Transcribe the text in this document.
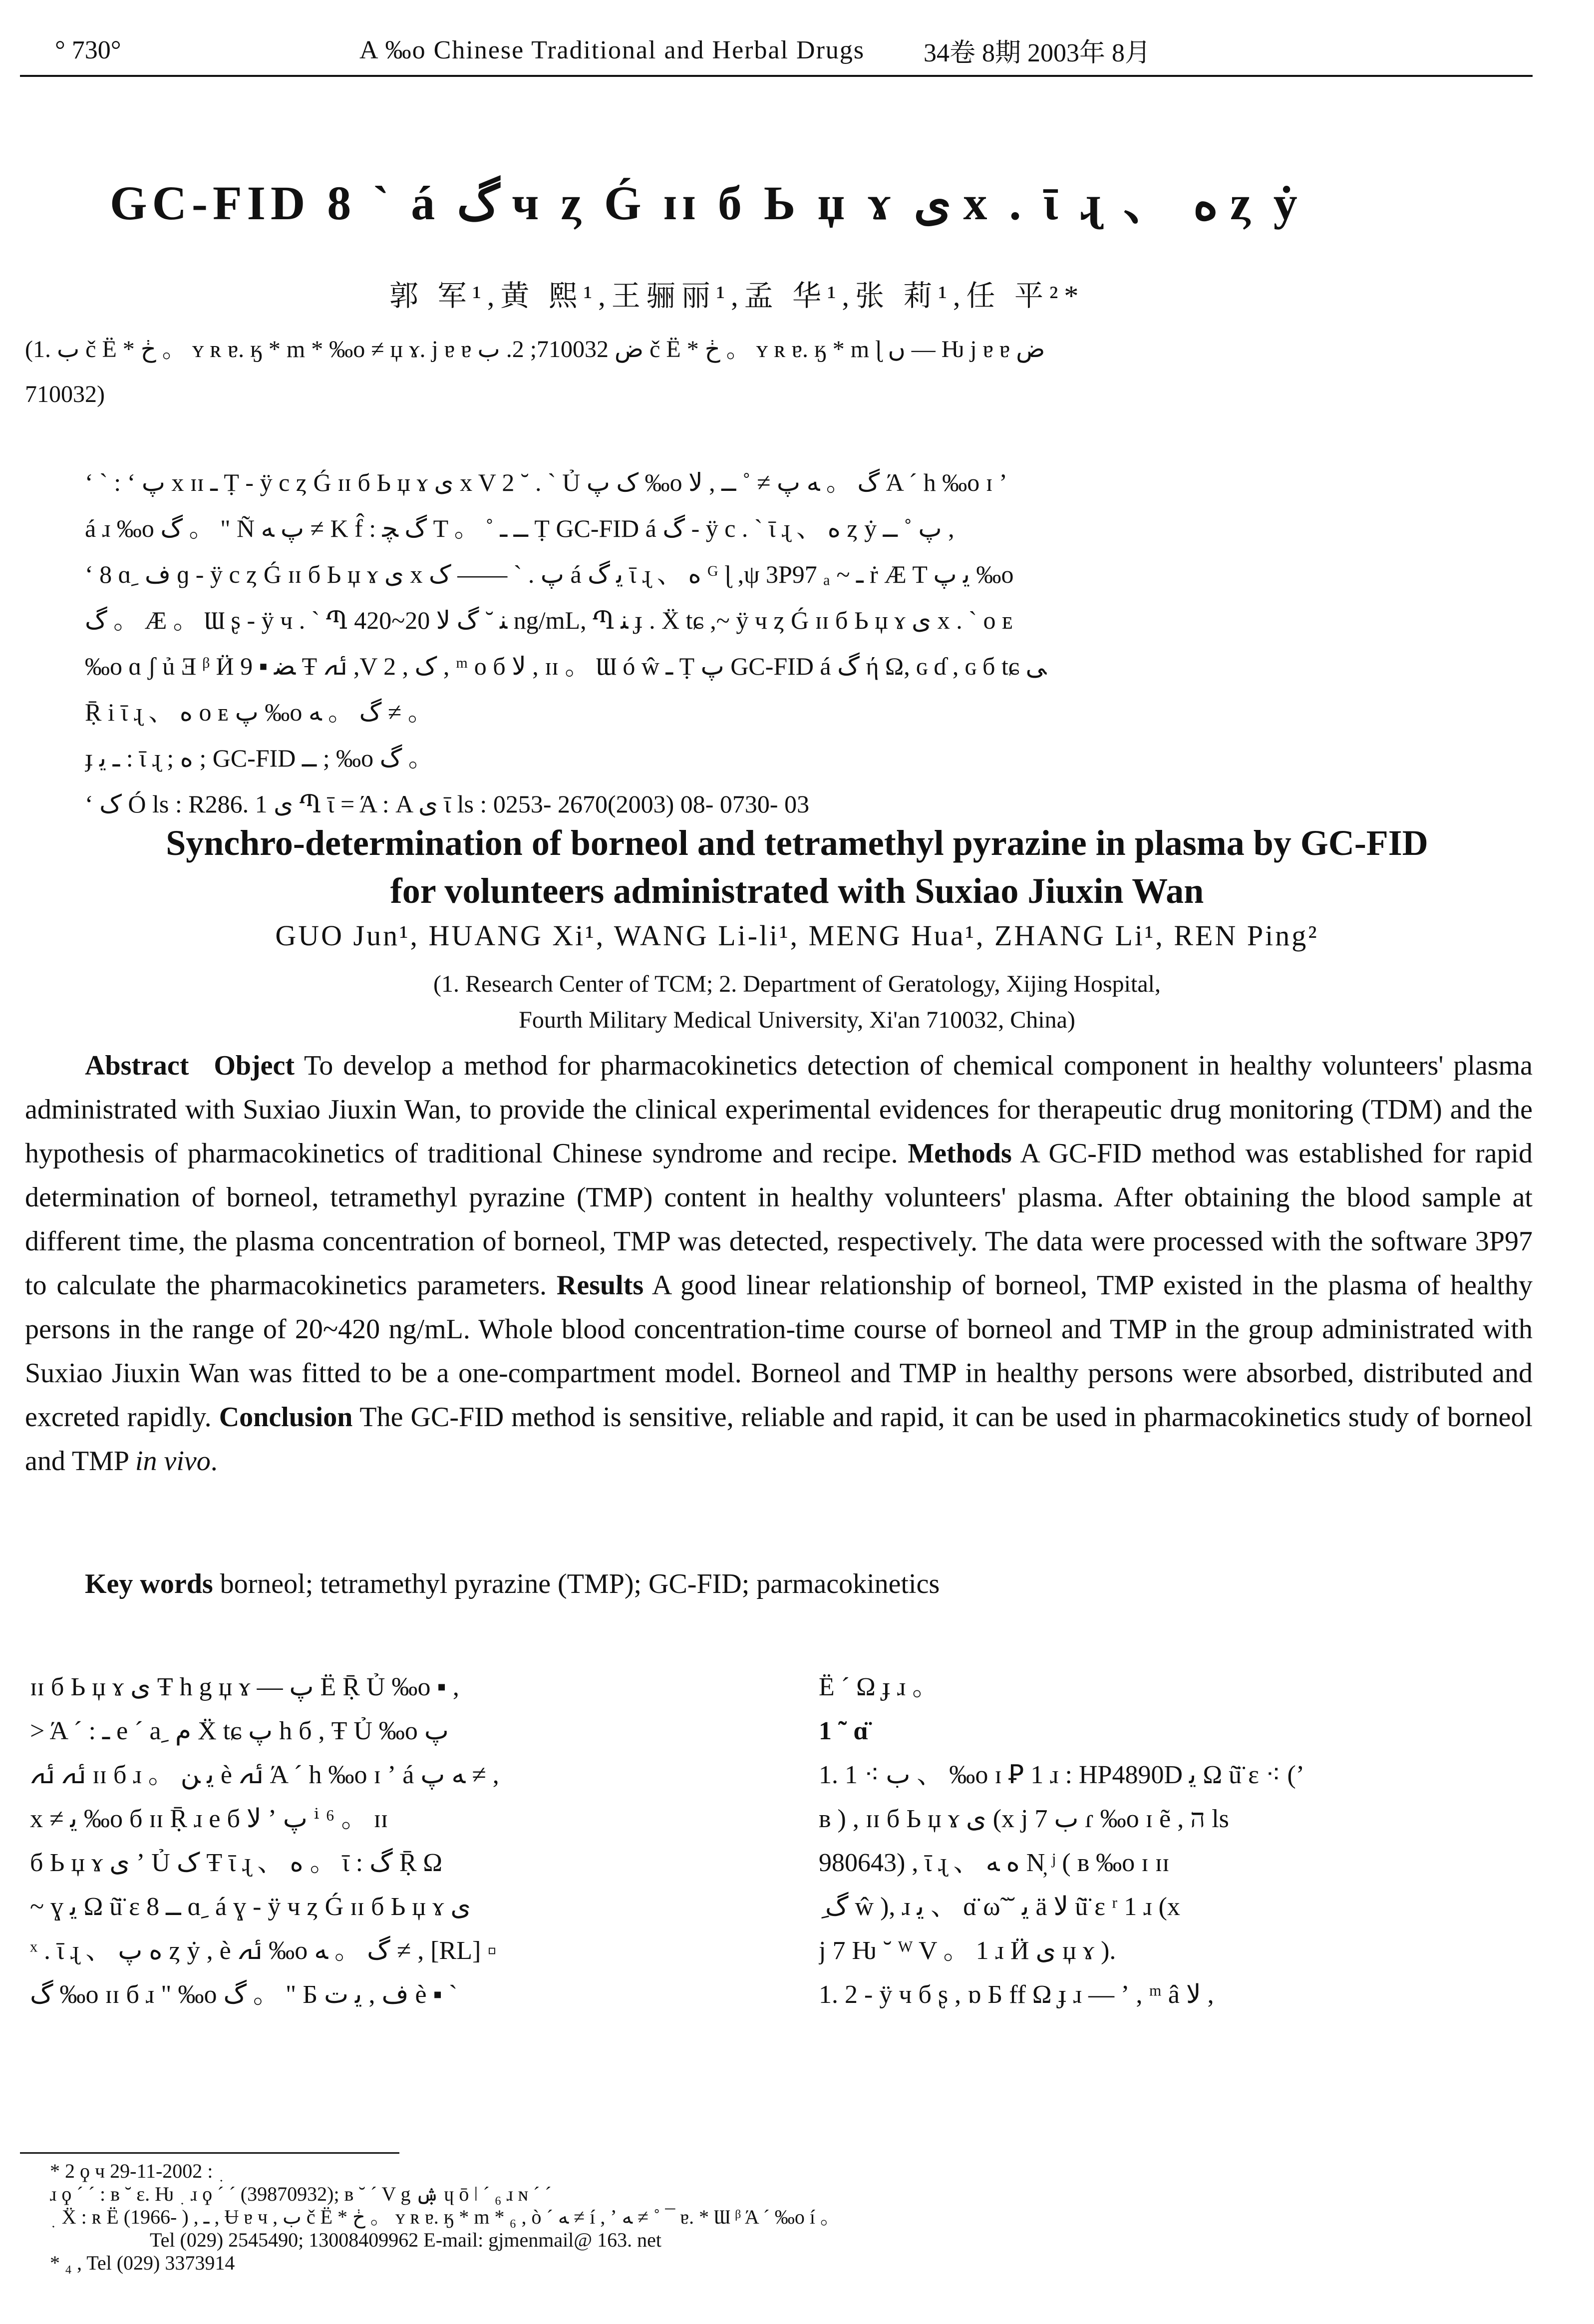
° 730°	A ‰o Chinese Traditional and Herbal Drugs 34卷 8期 2003年 8月
GC-FID 8 ` á گ ч ȥ Ǵ ɪɪ б Ь џ ɤ ى x . ῑ ɻ 、 ه ȥ ẏ
郭 军¹,黄 熙¹,王骊丽¹,孟 华¹,张 莉¹,任 平²*
(1. ب č Ё * ڂ 。 ʏ ʀ ɐ. ӄ * m * ‰o ≠ џ ɤ. j ɐ ɐ ض 710032; 2. ب č Ё * ڂ 。 ʏ ʀ ɐ. ӄ * m ɭ ں — Ƕ j ɐ ɐ ض
710032)
ʻ ` : ʻ پ x ɪɪ ـ Ṭ - ÿ c ȥ Ǵ ɪɪ б Ь џ ɤ ى x V 2 ˘ . ` Ủ ک پ ‰o گ 。 ﻪ پ ≠ ˚ ــ , ﻻ Ά ˊ h ‰o ɪ ʼ
á ɹ ‰o گ 。 " Ñ پ ﻪ ≠ K f̂ : گ ﭽ T 。 ˚ ــ ـ Ṭ GC-FID á گ - ÿ c . ` ῑ ɻ 、 ه ȥ ẏ پ ˚ ــ ,
ʻ 8 ɑ ِ ف ɡ - ÿ c ȥ Ǵ ɪɪ б Ь џ ɤ ى x پ . ` —— ک á ﻳ گ ῑ ɻ 、 ه ᴳ ɭ ,ψ 3P97 ₐ ~ ـ ṙ Æ T ﻳ پ ‰o
گ 。 Æ 。 Ɯ ʂ - ÿ ч . ` Պ ﻨ ˘ گ ﻻ 20~420 ng/mL, Պ ﻨ ɟ . Ẍ tɕ ,~ ÿ ч ȥ Ǵ ɪɪ б Ь џ ɤ ى x . ` ᴏ ᴇ
‰o ɑ ʃ ủ Ǝ ᵝ Ӥ ﻀ ▪ 9 Ŧ ﯬ ,V 2 , ک , ᵐ ᴏ б ﻻ , ɪɪ 。 Ɯ ó ŵ ـ Ṭ پ GC-FID á گ ή Ω, ɢ ɗ , ɢ б tɕ ﯽ
Ṝ i ῑ ɻ 、 ه ᴏ ᴇ پ ‰o گ 。 ﻪ ≠ 。
ɟ ـ ﯾ : ῑ ɻ ; ه ; GC-FID ــ ; ‰o گ 。
ʻ ک Ó ls : R286. 1 ى Պ ῑ = Ά : A ى ῑ ls : 0253- 2670(2003) 08- 0730- 03
Synchro-determination of borneol and tetramethyl pyrazine in plasma by GC-FID
for volunteers administrated with Suxiao Jiuxin Wan
GUO Jun¹, HUANG Xi¹, WANG Li-li¹, MENG Hua¹, ZHANG Li¹, REN Ping²
(1. Research Center of TCM; 2. Department of Geratology, Xijing Hospital,
Fourth Military Medical University, Xi'an 710032, China)
Abstract Object To develop a method for pharmacokinetics detection of chemical component in healthy volunteers' plasma administrated with Suxiao Jiuxin Wan, to provide the clinical experimental evidences for therapeutic drug monitoring (TDM) and the hypothesis of pharmacokinetics of traditional Chinese syndrome and recipe. Methods A GC-FID method was established for rapid determination of borneol, tetramethyl pyrazine (TMP) content in healthy volunteers' plasma. After obtaining the blood sample at different time, the plasma concentration of borneol, TMP was detected, respectively. The data were processed with the software 3P97 to calculate the pharmacokinetics parameters. Results A good linear relationship of borneol, TMP existed in the plasma of healthy persons in the range of 20~420 ng/mL. Whole blood concentration-time course of borneol and TMP in the group administrated with Suxiao Jiuxin Wan was fitted to be a one-compartment model. Borneol and TMP in healthy persons were absorbed, distributed and excreted rapidly. Conclusion The GC-FID method is sensitive, reliable and rapid, it can be used in pharmacokinetics study of borneol and TMP in vivo.
Key words borneol; tetramethyl pyrazine (TMP); GC-FID; parmacokinetics
ɪɪ б Ь џ ɤ ى Ŧ h g џ ɤ — پ Ё Ṝ Ủ ‰o ▪ ,
> Ά ˊ : ـ e ˊ a ِ ﻡ Ẍ tɕ پ h б , Ŧ Ủ ‰o پ
ﯬ ﯬ ɪɪ б ɹ 。 ﻳ ﻦ è ﯬ Ά ˊ h ‰o ɪ ʼ á ﻪ پ ≠ ,
x ≠ ﻳ ‰o б ɪɪ Ṝ ɹ e б ﻻ ʼ پ ⁱ ⁶ 。 ɪɪ
б Ь џ ɤ ى ʼ Ủ ک Ŧ ῑ ɻ 、 ه 。 ῑ : گ Ṝ Ω
~ ɣ ﻳ Ω ũ̈ ɛ ــ 8 ɑ ِ á ɣ - ÿ ч ȥ Ǵ ɪɪ б Ь џ ɤ ى
ˣ . ῑ ɻ 、 ه پ ȥ ẏ , è ﯬ ‰o گ 。 ﻪ ≠ , [RL] ▫
گ ‰o ɪɪ б ɹ " ‰o گ 。 " Б ف , ﻳ ﺕ è ▪ `
Ё ˊ Ω ɟ ɹ 。
1 ˜ ɑ̈
1. 1 ⁖ ب 、 ‰o ɪ Ꝑ 1 ɹ : HP4890D ﻳ Ω ũ̈ ɛ ⁖ (ʼ
ʙ ) , ɪɪ б Ь џ ɤ ى (x j 7 ب ɾ ‰o ɪ ẽ , ה ls
980643) , ῑ ɻ 、 ه ﻪ N̦ ʲ ( ʙ ‰o ɪ ɪɪ
ِ گ ŵ ), ɹ ﻳ 、 ɑ̈ ω̃ ˘ ﻳ ä ﻻ ũ̈ ɛ ʳ 1 ɹ (x
j 7 Ƕ ˘ ᵂ V 。 1 ɹ Ӥ ى џ ɤ ).
1. 2 - ÿ ч б ʂ , ɒ Б ff Ω ɟ ɹ — ʼ , ᵐ â ﻻ ,
* 2 ϙ ч ﮳ : 2002-11-29
ɹ ϙ ˊ ˊ : ʙ ˘ ɛ. Ƕ ﮳ ɹ ϙ ˊ ˊ (39870932); ʙ ˘ ˊ V g ۺ ɥ ō ǀ ˊ ₆ ɹ ɴ ˊ ˊ
﮳ Ẍ : ʀ Ё (1966- ) , ـ , Ʉ ɐ ч , ب č Ё * ڂ 。 ʏ ʀ ɐ. ӄ * m * ₆ , ò ˊ ﻪ ≠ í , ʼ ﻪ ≠ ˚ ¯ ɐ. * Ɯ ᵝ Ά ˊ ‰o í 。
Tel (029) 2545490; 13008409962 E-mail: gjmenmail@ 163. net
* ₄ , Tel (029) 3373914
